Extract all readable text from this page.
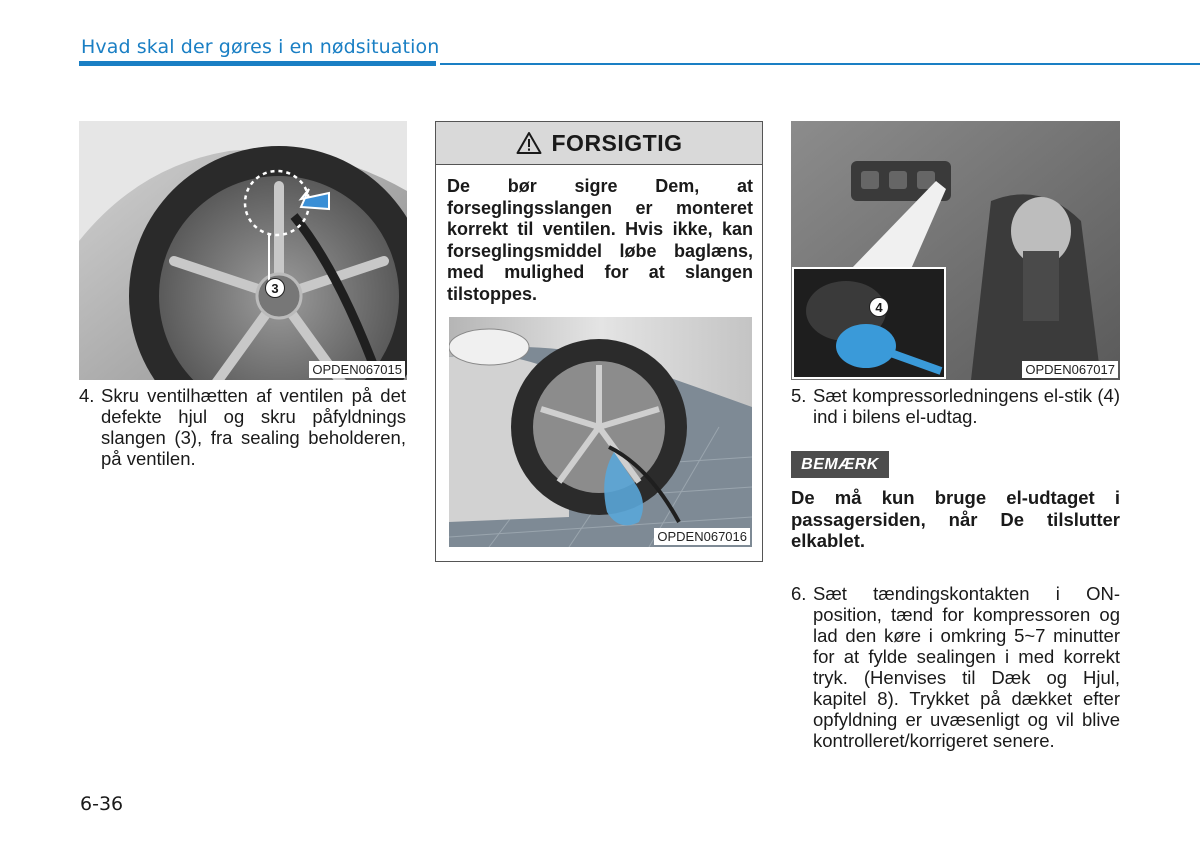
Hvad skal der gøres i en nødsituation
3
OPDEN067015
4. Skru ventilhætten af ventilen på det defekte hjul og skru påfyldnings slangen (3), fra sealing beholderen, på ventilen.
FORSIGTIG
De bør sigre Dem, at forseglingsslangen er monteret korrekt til ventilen. Hvis ikke, kan forseglingsmiddel løbe baglæns, med mulighed for at slangen tilstoppes.
OPDEN067016
4
OPDEN067017
5. Sæt kompressorledningens el-stik (4) ind i bilens el-udtag.
BEMÆRK
De må kun bruge el-udtaget i passagersiden, når De tilslutter elkablet.
6. Sæt tændingskontakten i ON-position, tænd for kompressoren og lad den køre i omkring 5~7 minutter for at fylde sealingen i med korrekt tryk. (Henvises til Dæk og Hjul, kapitel 8). Trykket på dækket efter opfyldning er uvæsenligt og vil blive kontrolleret/korrigeret senere.
6-36
